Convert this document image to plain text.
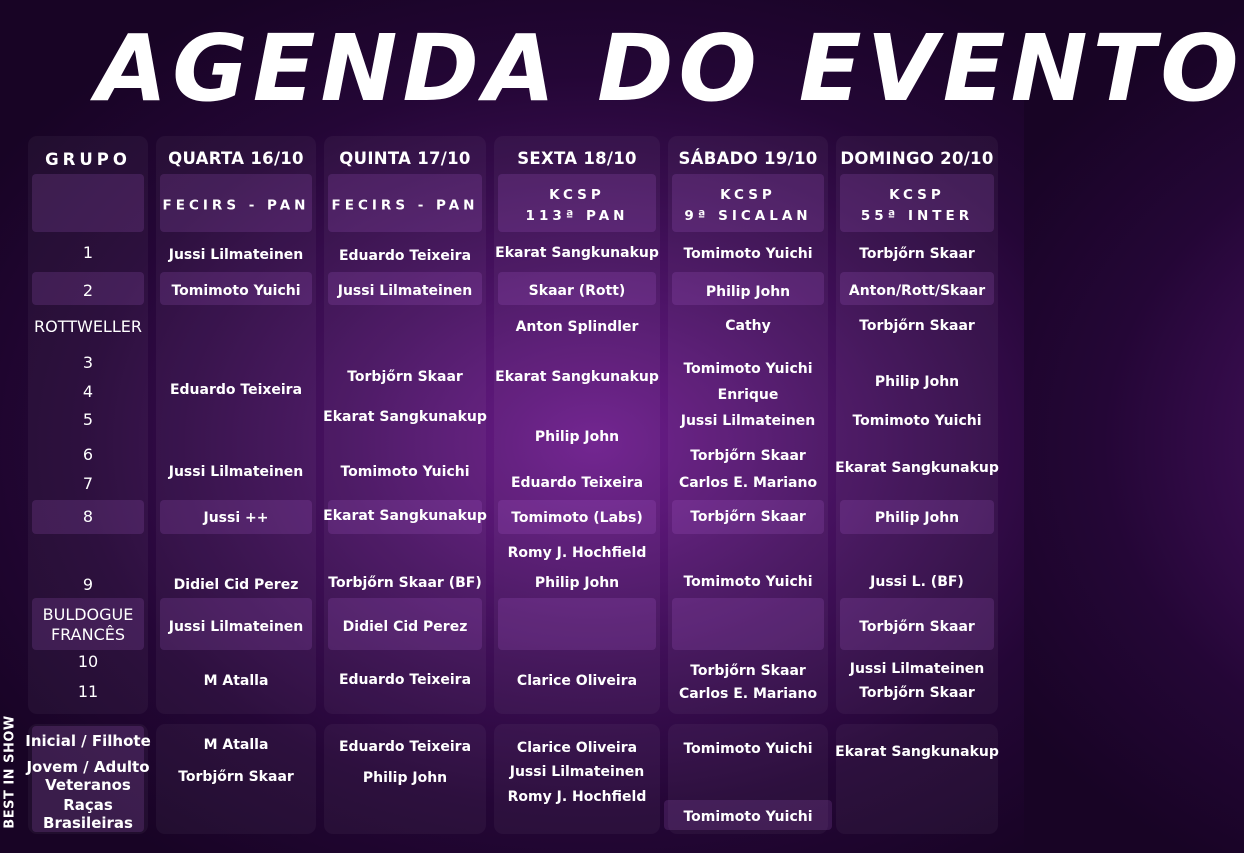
AGENDA DO EVENTO
GRUPO QUARTA 16/10
FECIRS - PAN
QUINTA 17/10
FECIRS - PAN
SEXTA 18/10
KCSP
113ª PAN
SÁBADO 19/10
KCSP
9ª SICALAN
DOMINGO 20/10
KCSP
55ª INTER
1
2
ROTTWELLER
3
4
5
6
7
8
9
BULDOGUE
FRANCÊS
10
11
Inicial / Filhote
Jovem / Adulto
Veteranos
Raças
Brasileiras
Jussi Lilmateinen
Tomimoto Yuichi
Eduardo Teixeira
Jussi Lilmateinen
Jussi ++
Didiel Cid Perez
Jussi Lilmateinen
M Atalla
M Atalla
Torbjőrn Skaar
Eduardo Teixeira
Jussi Lilmateinen
Torbjőrn Skaar
Ekarat Sangkunakup
Tomimoto Yuichi
Ekarat Sangkunakup
Torbjőrn Skaar (BF)
Didiel Cid Perez
Eduardo Teixeira
Eduardo Teixeira
Philip John
Ekarat Sangkunakup
Skaar (Rott)
Anton Splindler
Ekarat Sangkunakup
Philip John
Eduardo Teixeira
Tomimoto (Labs)
Romy J. Hochfield
Philip John
Clarice Oliveira
Clarice Oliveira
Jussi Lilmateinen
Romy J. Hochfield
Tomimoto Yuichi
Philip John
Cathy
Tomimoto Yuichi
Enrique
Jussi Lilmateinen
Torbjőrn Skaar
Carlos E. Mariano
Torbjőrn Skaar
Tomimoto Yuichi
Torbjőrn Skaar
Carlos E. Mariano
Tomimoto Yuichi
Tomimoto Yuichi
Torbjőrn Skaar
Anton/Rott/Skaar
Torbjőrn Skaar
Philip John
Tomimoto Yuichi
Ekarat Sangkunakup
Philip John
Jussi L. (BF)
Torbjőrn Skaar
Jussi Lilmateinen
Torbjőrn Skaar
Ekarat Sangkunakup
BEST IN SHOW
